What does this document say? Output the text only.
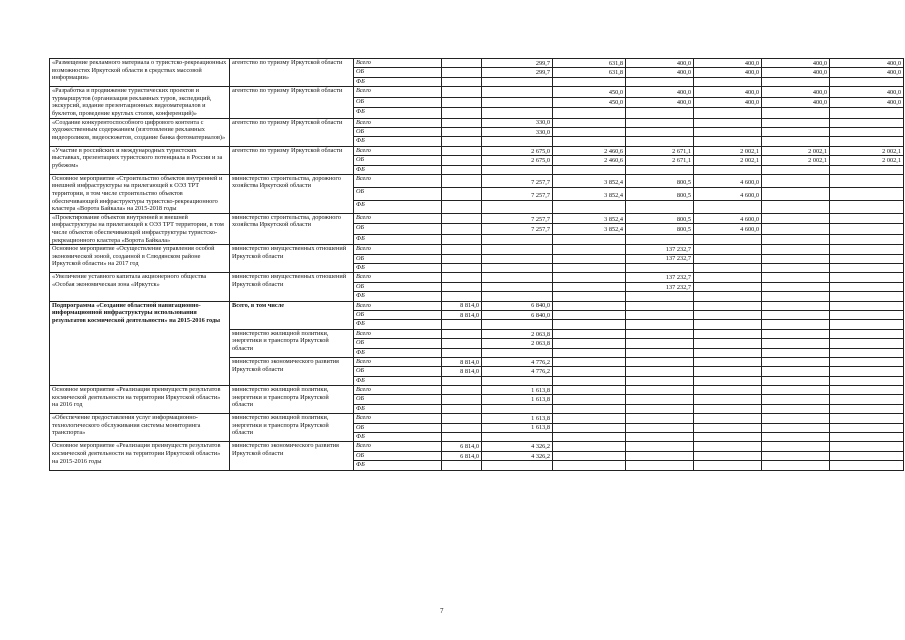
«Размещение рекламного материала о туристско-рекреационных возможностях Иркутской области в средствах массовой информации»	агентство по туризму Иркутской области	Всего		299,7	631,8	400,0	400,0	400,0	400,0
		ОБ		299,7	631,8	400,0	400,0	400,0	400,0
		ФБ							
«Разработка и продвижение туристических проектов и турмаршрутов (организация рекламных туров, экспедиций, экскурсий, издание презентационных видеоматериалов и буклетов, проведение круглых столов, конференций)»	агентство по туризму Иркутской области	Всего			450,0	400,0	400,0	400,0	400,0
		ОБ			450,0	400,0	400,0	400,0	400,0
		ФБ							
«Создание конкурентоспособного цифрового контента с художественным содержанием (изготовление рекламных видеороликов, видеосюжетов, создание банка фотоматериалов)»	агентство по туризму Иркутской области	Всего		330,0					
		ОБ		330,0					
		ФБ							
«Участие в российских и международных туристских выставках, презентациях туристского потенциала в России и за рубежом»	агентство по туризму Иркутской области	Всего		2 675,0	2 460,6	2 671,1	2 002,1	2 002,1	2 002,1
		ОБ		2 675,0	2 460,6	2 671,1	2 002,1	2 002,1	2 002,1
		ФБ							
Основное мероприятие «Строительство объектов внутренней и внешней инфраструктуры на прилегающей к ОЭЗ ТРТ территории, в том числе строительство объектов обеспечивающей инфраструктуры туристско-рекреационного кластера «Ворота Байкала» на 2015-2018 годы	министерство строительства, дорожного хозяйства Иркутской области	Всего		7 257,7	3 852,4	800,5	4 600,0		
		ОБ		7 257,7	3 852,4	800,5	4 600,0		
		ФБ							
«Проектирование объектов внутренней и внешней инфраструктуры на прилегающей к ОЭЗ ТРТ территории, в том числе объектов обеспечивающей инфраструктуры туристско-рекреационного кластера «Ворота Байкала»	министерство строительства, дорожного хозяйства Иркутской области	Всего		7 257,7	3 852,4	800,5	4 600,0		
		ОБ		7 257,7	3 852,4	800,5	4 600,0		
		ФБ							
Основное мероприятие «Осуществление управления особой экономической зоной, созданной в Слюдянском районе Иркутской области» на 2017 год	министерство имущественных отношений Иркутской области	Всего				137 232,7			
		ОБ				137 232,7			
		ФБ							
«Увеличение уставного капитала акционерного общества «Особая экономическая зона «Иркутск»	министерство имущественных отношений Иркутской области	Всего				137 232,7			
		ОБ				137 232,7			
		ФБ							
Подпрограмма «Создание областной навигационно-информационной инфраструктуры использования результатов космической деятельности» на 2015-2016 годы	Всего, в том числе	Всего	8 814,0	6 840,0					
		ОБ	8 814,0	6 840,0					
		ФБ							
	министерство жилищной политики, энергетики и транспорта Иркутской области	Всего		2 063,8					
		ОБ		2 063,8					
		ФБ							
	министерство экономического развития Иркутской области	Всего	8 814,0	4 776,2					
		ОБ	8 814,0	4 776,2					
		ФБ							
Основное мероприятие «Реализация преимуществ результатов космической деятельности на территории Иркутской области» на 2016 год	министерство жилищной политики, энергетики и транспорта Иркутской области	Всего		1 613,8					
		ОБ		1 613,8					
		ФБ							
«Обеспечение предоставления услуг информационно-технологического обслуживания системы мониторинга транспорта»	министерство жилищной политики, энергетики и транспорта Иркутской области	Всего		1 613,8					
		ОБ		1 613,8					
		ФБ							
Основное мероприятие «Реализация преимуществ результатов космической деятельности на территории Иркутской области» на 2015-2016 годы	министерство экономического развития Иркутской области	Всего	6 814,0	4 326,2					
		ОБ	6 814,0	4 326,2					
		ФБ							
7
